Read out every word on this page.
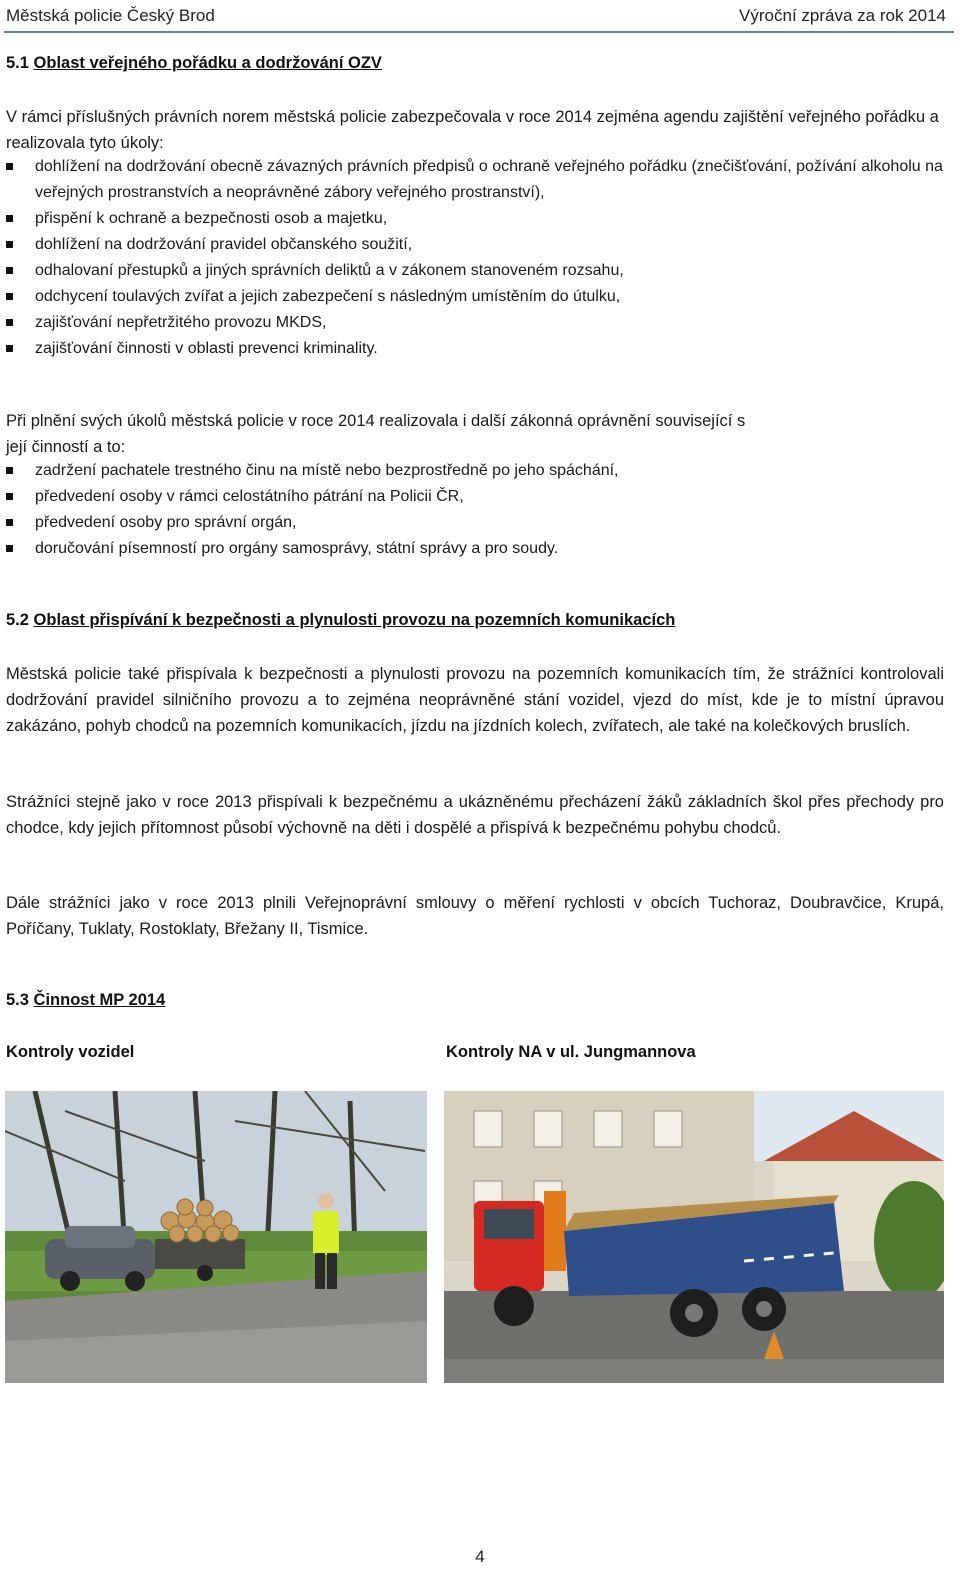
Městská policie Český Brod	Výroční zpráva za rok 2014
5.1 Oblast veřejného pořádku a dodržování OZV

V rámci příslušných právních norem městská policie zabezpečovala v roce 2014 zejména agendu zajištění veřejného pořádku a realizovala tyto úkoly:

dohlížení na dodržování obecně závazných právních předpisů o ochraně veřejného pořádku (znečišťování, požívání alkoholu na veřejných prostranstvích a neoprávněné zábory veřejného prostranství),
přispění k ochraně a bezpečnosti osob a majetku,
dohlížení na dodržování pravidel občanského soužití,
odhalovaní přestupků a jiných správních deliktů a v zákonem stanoveném rozsahu,
odchycení toulavých zvířat a jejich zabezpečení s následným umístěním do útulku,
zajišťování nepřetržitého provozu MKDS,
zajišťování činnosti v oblasti prevenci kriminality.

Při plnění svých úkolů městská policie v roce 2014 realizovala i další zákonná oprávnění související s její činností a to:

zadržení pachatele trestného činu na místě nebo bezprostředně po jeho spáchání,
předvedení osoby v rámci celostátního pátrání na Policii ČR,
předvedení osoby pro správní orgán,
doručování písemností pro orgány samosprávy, státní správy a pro soudy.
5.2 Oblast přispívání k bezpečnosti a plynulosti provozu na pozemních komunikacích

Městská policie také přispívala k bezpečnosti a plynulosti provozu na pozemních komunikacích tím, že strážníci kontrolovali dodržování pravidel silničního provozu a to zejména neoprávněné stání vozidel, vjezd do míst, kde je to místní úpravou zakázáno, pohyb chodců na pozemních komunikacích, jízdu na jízdních kolech, zvířatech, ale také na kolečkových bruslích.

Strážníci stejně jako v roce 2013 přispívali k bezpečnému a ukázněnému přecházení žáků základních škol přes přechody pro chodce, kdy jejich přítomnost působí výchovně na děti i dospělé a přispívá k bezpečnému pohybu chodců.

Dále strážníci jako v roce 2013 plnili Veřejnoprávní smlouvy o měření rychlosti v obcích Tuchoraz, Doubravčice, Krupá, Poříčany, Tuklaty, Rostoklaty, Břežany II, Tismice.

5.3 Činnost MP 2014
Kontroly vozidel	Kontroly NA v ul. Jungmannova
4
